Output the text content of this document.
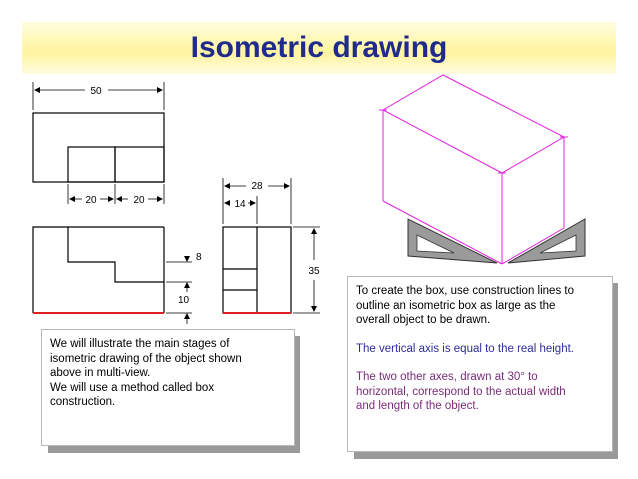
Isometric drawing
50
20	20
8
10
28
14
35

We will illustrate the main stages of

isometric drawing of the object shown

above in multi-view.

We will use a method called box

construction.

To create the box, use construction lines to

outline an isometric box as large as the

overall object to be drawn.

The vertical axis is equal to the real height.

The two other axes, drawn at 30° to

horizontal, correspond to the actual width

and length of the object.
